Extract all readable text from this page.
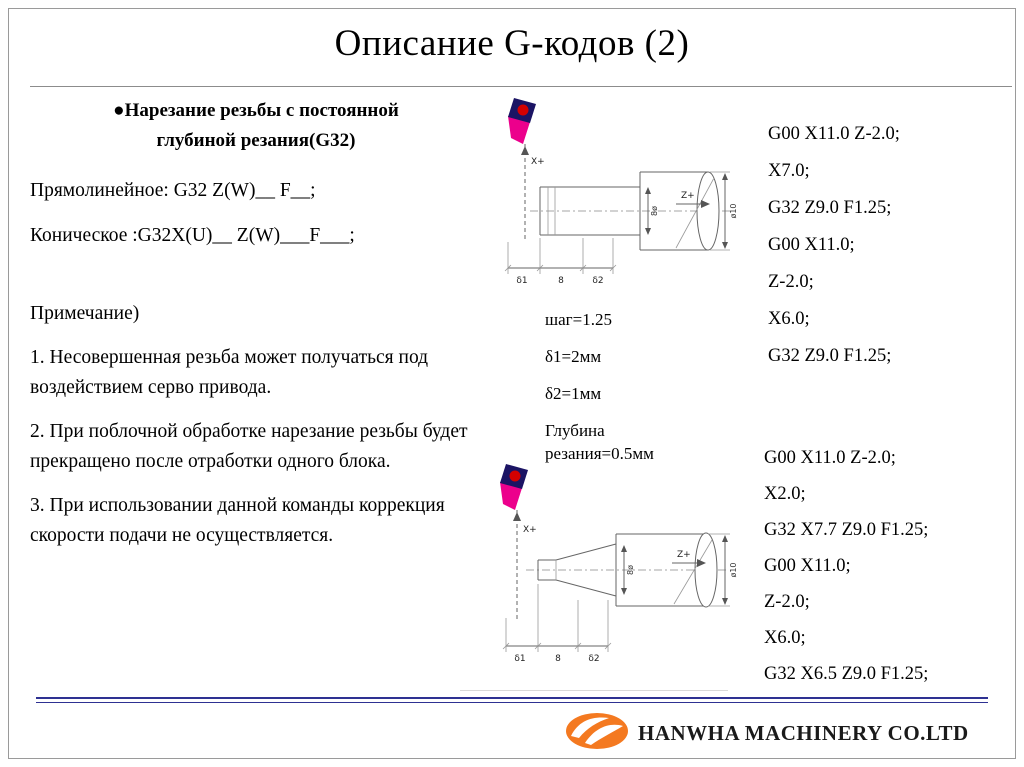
Описание G-кодов (2)
●Нарезание резьбы с постоянной
глубиной резания(G32)

Прямолинейное: G32 Z(W)__ F__;

Коническое :G32X(U)__ Z(W)___F___;

Примечание)

1. Несовершенная резьба может получаться под воздействием серво привода.

2. При поблочной обработке нарезание резьбы будет прекращено после отработки одного блока.

3. При использовании данной команды коррекция скорости подачи не осуществляется.

X+
Z+
8ø	ø10
δ1	8	δ2
шаг=1.25
δ1=2мм
δ2=1мм
Глубина резания=0.5мм
X+
Z+
8ø	ø10
δ1	8	δ2
G00 X11.0 Z-2.0;
X7.0;
G32 Z9.0 F1.25;
G00 X11.0;
Z-2.0;
X6.0;
G32 Z9.0 F1.25;
G00 X11.0 Z-2.0;
X2.0;
G32 X7.7 Z9.0 F1.25;
G00 X11.0;
Z-2.0;
X6.0;
G32 X6.5 Z9.0 F1.25;
HANWHA MACHINERY CO.LTD
